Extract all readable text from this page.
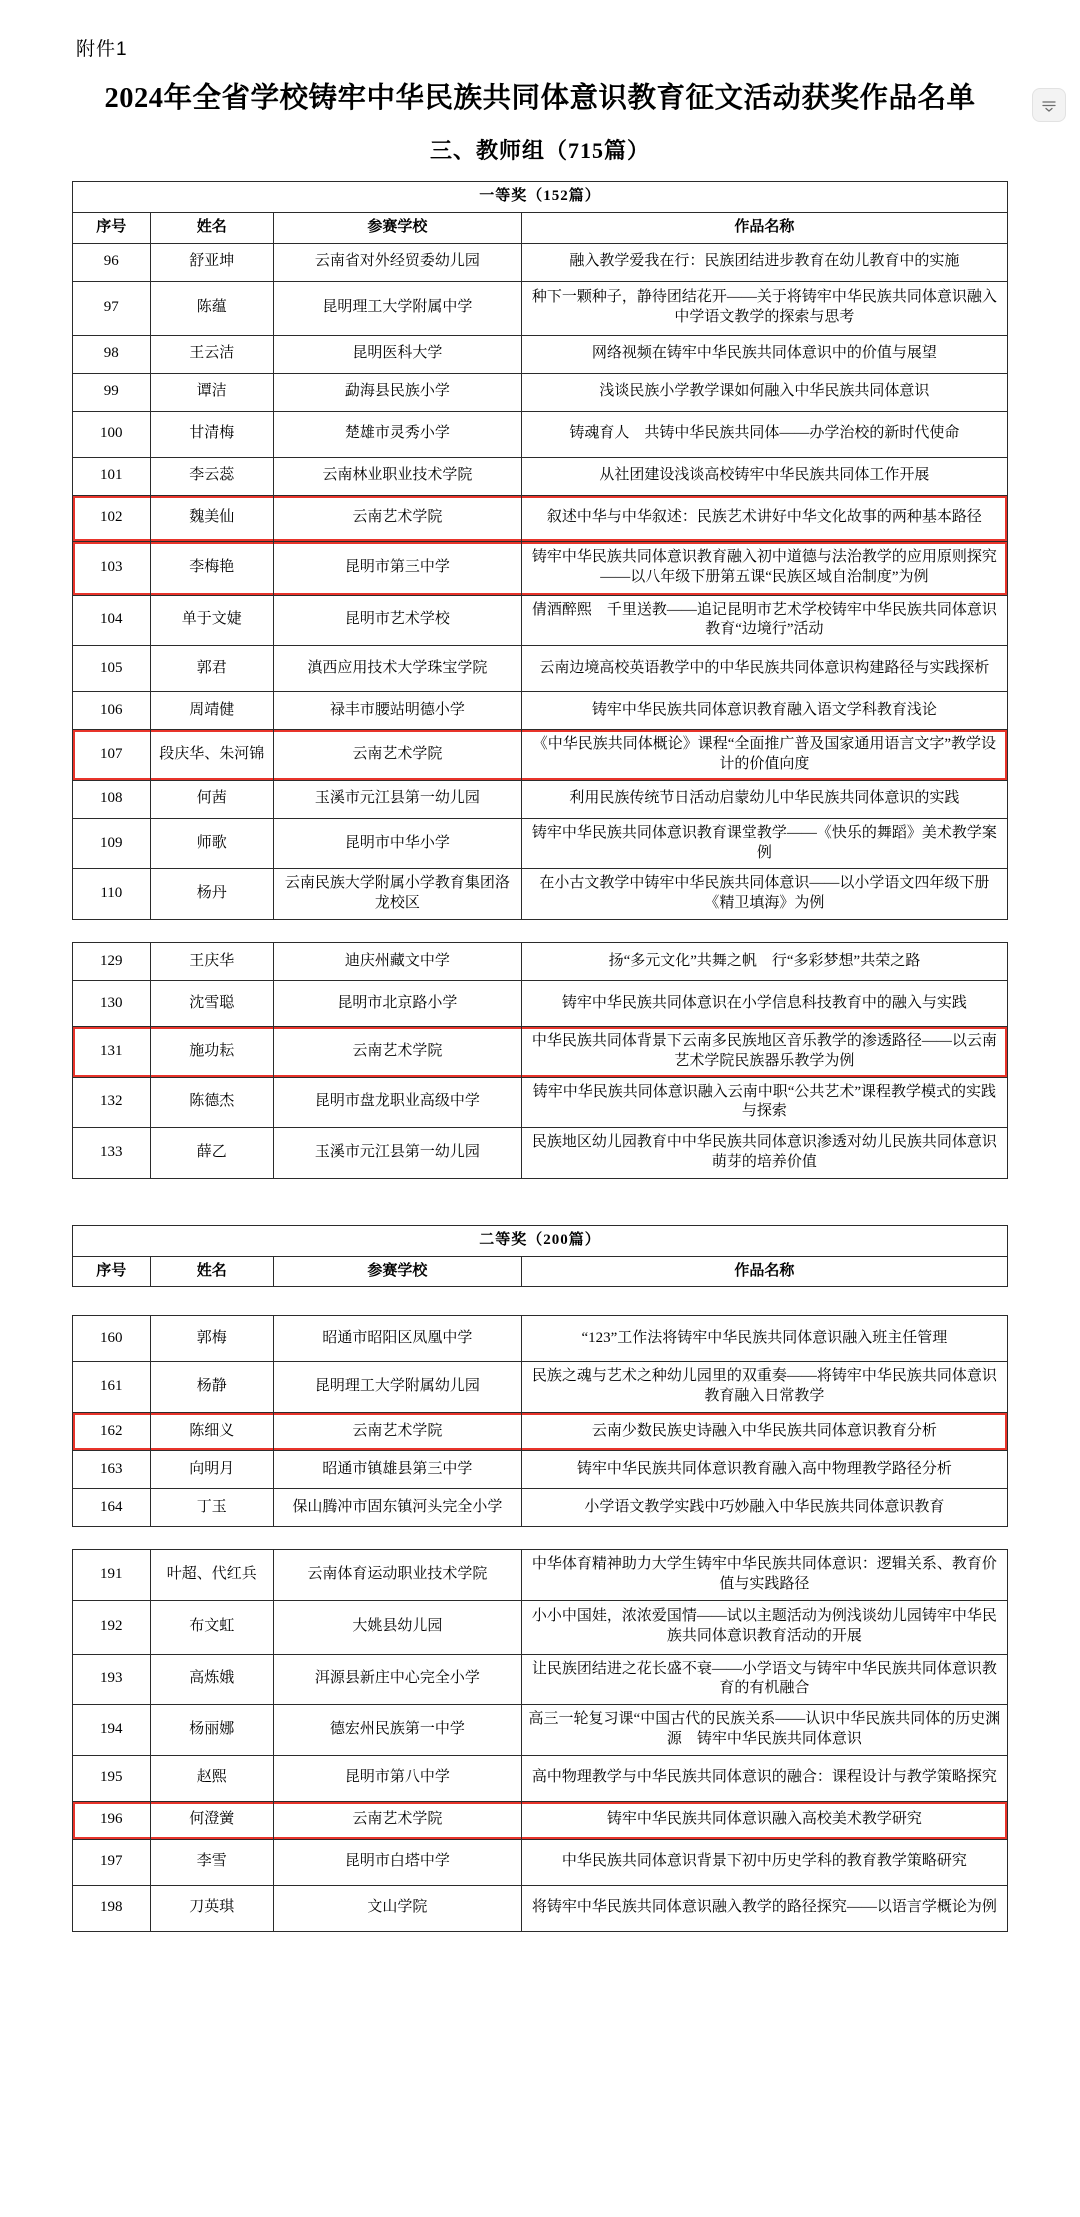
附件1
2024年全省学校铸牢中华民族共同体意识教育征文活动获奖作品名单
三、教师组（715篇）
一等奖（152篇）			
序号	姓名	参赛学校	作品名称
96	舒亚坤	云南省对外经贸委幼儿园	融入教学爱我在行：民族团结进步教育在幼儿教育中的实施
97	陈蕴	昆明理工大学附属中学	种下一颗种子，静待团结花开——关于将铸牢中华民族共同体意识融入中学语文教学的探索与思考
98	王云洁	昆明医科大学	网络视频在铸牢中华民族共同体意识中的价值与展望
99	谭洁	勐海县民族小学	浅谈民族小学教学课如何融入中华民族共同体意识
100	甘清梅	楚雄市灵秀小学	铸魂育人　共铸中华民族共同体——办学治校的新时代使命
101	李云蕊	云南林业职业技术学院	从社团建设浅谈高校铸牢中华民族共同体工作开展
102	魏美仙	云南艺术学院	叙述中华与中华叙述：民族艺术讲好中华文化故事的两种基本路径
103	李梅艳	昆明市第三中学	铸牢中华民族共同体意识教育融入初中道德与法治教学的应用原则探究——以八年级下册第五课“民族区域自治制度”为例
104	单于文婕	昆明市艺术学校	倩酒醉熙　千里送教——追记昆明市艺术学校铸牢中华民族共同体意识教育“边境行”活动
105	郭君	滇西应用技术大学珠宝学院	云南边境高校英语教学中的中华民族共同体意识构建路径与实践探析
106	周靖健	禄丰市腰站明德小学	铸牢中华民族共同体意识教育融入语文学科教育浅论
107	段庆华、朱河锦	云南艺术学院	《中华民族共同体概论》课程“全面推广普及国家通用语言文字”教学设计的价值向度
108	何茜	玉溪市元江县第一幼儿园	利用民族传统节日活动启蒙幼儿中华民族共同体意识的实践
109	师歌	昆明市中华小学	铸牢中华民族共同体意识教育课堂教学——《快乐的舞蹈》美术教学案例
110	杨丹	云南民族大学附属小学教育集团洛龙校区	在小古文教学中铸牢中华民族共同体意识——以小学语文四年级下册《精卫填海》为例
129	王庆华	迪庆州藏文中学	扬“多元文化”共舞之帆　行“多彩梦想”共荣之路
130	沈雪聪	昆明市北京路小学	铸牢中华民族共同体意识在小学信息科技教育中的融入与实践
131	施功耘	云南艺术学院	中华民族共同体背景下云南多民族地区音乐教学的渗透路径——以云南艺术学院民族器乐教学为例
132	陈德杰	昆明市盘龙职业高级中学	铸牢中华民族共同体意识融入云南中职“公共艺术”课程教学模式的实践与探索
133	薛乙	玉溪市元江县第一幼儿园	民族地区幼儿园教育中中华民族共同体意识渗透对幼儿民族共同体意识萌芽的培养价值
二等奖（200篇）
序号	姓名	参赛学校	作品名称
160	郭梅	昭通市昭阳区凤凰中学	“123”工作法将铸牢中华民族共同体意识融入班主任管理
161	杨静	昆明理工大学附属幼儿园	民族之魂与艺术之种幼儿园里的双重奏——将铸牢中华民族共同体意识教育融入日常教学
162	陈细义	云南艺术学院	云南少数民族史诗融入中华民族共同体意识教育分析
163	向明月	昭通市镇雄县第三中学	铸牢中华民族共同体意识教育融入高中物理教学路径分析
164	丁玉	保山腾冲市固东镇河头完全小学	小学语文教学实践中巧妙融入中华民族共同体意识教育
191	叶超、代红兵	云南体育运动职业技术学院	中华体育精神助力大学生铸牢中华民族共同体意识：逻辑关系、教育价值与实践路径
192	布文虹	大姚县幼儿园	小小中国娃，浓浓爱国情——试以主题活动为例浅谈幼儿园铸牢中华民族共同体意识教育活动的开展
193	高炼娥	洱源县新庄中心完全小学	让民族团结进之花长盛不衰——小学语文与铸牢中华民族共同体意识教育的有机融合
194	杨丽娜	德宏州民族第一中学	高三一轮复习课“中国古代的民族关系——认识中华民族共同体的历史渊源　铸牢中华民族共同体意识
195	赵熙	昆明市第八中学	高中物理教学与中华民族共同体意识的融合：课程设计与教学策略探究
196	何澄黉	云南艺术学院	铸牢中华民族共同体意识融入高校美术教学研究
197	李雪	昆明市白塔中学	中华民族共同体意识背景下初中历史学科的教育教学策略研究
198	刀英琪	文山学院	将铸牢中华民族共同体意识融入教学的路径探究——以语言学概论为例
